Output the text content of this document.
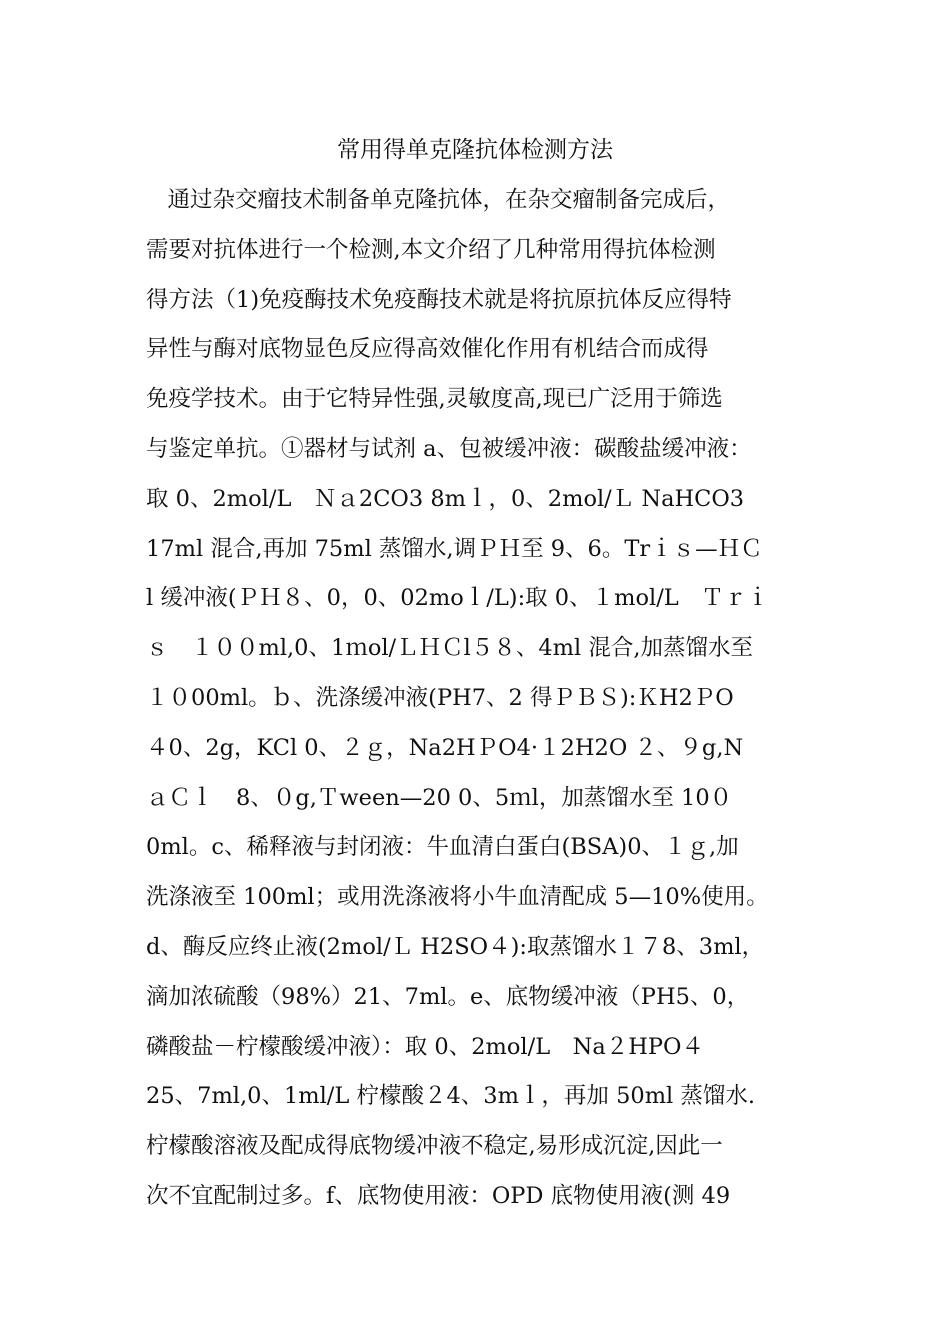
常用得单克隆抗体检测方法
通过杂交瘤技术制备单克隆抗体，在杂交瘤制备完成后，
需要对抗体进行一个检测,本文介绍了几种常用得抗体检测
得方法（1)免疫酶技术免疫酶技术就是将抗原抗体反应得特
异性与酶对底物显色反应得高效催化作用有机结合而成得
免疫学技术。由于它特异性强,灵敏度高,现已广泛用于筛选
与鉴定单抗。①器材与试剂 a、包被缓冲液：碳酸盐缓冲液：
取 0、2mol/L　Ｎａ2CO3 8mｌ，0、2mol/Ｌ NaHCO3
17ml 混合,再加 75ml 蒸馏水,调ＰＨ至 9、6。Trｉｓ—ＨＣ
l 缓冲液(ＰＨ８、0，0、02moｌ/L):取 0、１mol/L　Ｔｒｉ
ｓ　１００ml,0、1ｍol/ＬＨＣl５８、4ml 混合,加蒸馏水至
１０00ml。ｂ、洗涤缓冲液(PH7、2 得ＰＢＳ):ＫH2ＰO
４0、2g，KCl 0、２ｇ，Na2HＰO4·１2H2O ２、９g,N
ａＣｌ　8、０g,Ｔween—20 0、5ｍl，加蒸馏水至 10０
0ml。c、稀释液与封闭液：牛血清白蛋白(BSA)0、１ｇ,加
洗涤液至 100ml；或用洗涤液将小牛血清配成 5—10%使用。
d、酶反应终止液(2mol/Ｌ H2SO４):取蒸馏水１７8、3ml，
滴加浓硫酸（98%）21、7ml。e、底物缓冲液（PH5、0，
磷酸盐－柠檬酸缓冲液）：取 0、2mol/L　Na２HPO４
25、7ml,0、1ml/L 柠檬酸２4、3mｌ，再加 50ml 蒸馏水.
柠檬酸溶液及配成得底物缓冲液不稳定,易形成沉淀,因此一
次不宜配制过多。f、底物使用液：OPD 底物使用液(测 49
